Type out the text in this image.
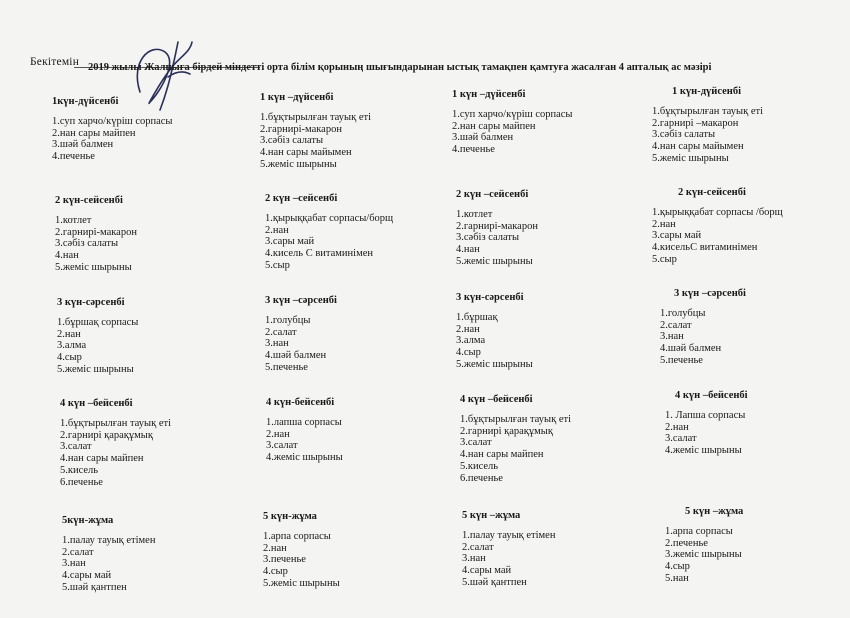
Бекітемін 2019 жылы Жалпыға бірдей міндетті орта білім қорының шығындарынан ыстық тамақпен қамтуға жасалған 4 апталық ас мәзірі
1күн-дүйсенбі
1.суп харчо/күріш сорпасы
2.нан сары майпен
3.шәй балмен
4.печенье
2 күн-сейсенбі
1.котлет
2.гарнирі-макарон
3.сәбіз салаты
4.нан
5.жеміс шырыны
3 күн-сәрсенбі
1.бұршақ сорпасы
2.нан
3.алма
4.сыр
5.жеміс шырыны
4 күн –бейсенбі
1.бұқтырылған тауық еті
2.гарнирі қарақұмық
3.салат
4.нан сары майпен
5.кисель
6.печенье
5күн-жұма
1.палау тауық етімен
2.салат
3.нан
4.сары май
5.шәй қантпен
1 күн –дүйсенбі
1.бұқтырылған тауық еті
2.гарнирі-макарон
3.сәбіз салаты
4.нан сары майымен
5.жеміс шырыны
2 күн –сейсенбі
1.қырыққабат сорпасы/борщ
2.нан
3.сары май
4.кисель С витаминімен
5.сыр
3 күн –сәрсенбі
1.голубцы
2.салат
3.нан
4.шәй балмен
5.печенье
4 күн-бейсенбі
1.лапша сорпасы
2.нан
3.салат
4.жеміс шырыны
5 күн-жұма
1.арпа сорпасы
2.нан
3.печенье
4.сыр
5.жеміс шырыны
1 күн –дүйсенбі
1.суп харчо/күріш сорпасы
2.нан сары майпен
3.шәй балмен
4.печенье
2 күн –сейсенбі
1.котлет
2.гарнирі-макарон
3.сәбіз салаты
4.нан
5.жеміс шырыны
3 күн-сәрсенбі
1.бұршақ
2.нан
3.алма
4.сыр
5.жеміс шырыны
4 күн –бейсенбі
1.бұқтырылған тауық еті
2.гарнирі қарақұмық
3.салат
4.нан сары майпен
5.кисель
6.печенье
5 күн –жұма
1.палау тауық етімен
2.салат
3.нан
4.сары май
5.шәй қантпен
1 күн-дүйсенбі
1.бұқтырылған тауық еті
2.гарнирі –макарон
3.сәбіз салаты
4.нан сары майымен
5.жеміс шырыны
2 күн-сейсенбі
1.қырыққабат сорпасы /борщ
2.нан
3.сары май
4.кисельС витаминімен
5.сыр
3 күн –сәрсенбі
1.голубцы
2.салат
3.нан
4.шәй балмен
5.печенье
4 күн –бейсенбі
1. Лапша сорпасы
2.нан
3.салат
4.жеміс шырыны
5 күн –жұма
1.арпа сорпасы
2.печенье
3.жеміс шырыны
4.сыр
5.нан
